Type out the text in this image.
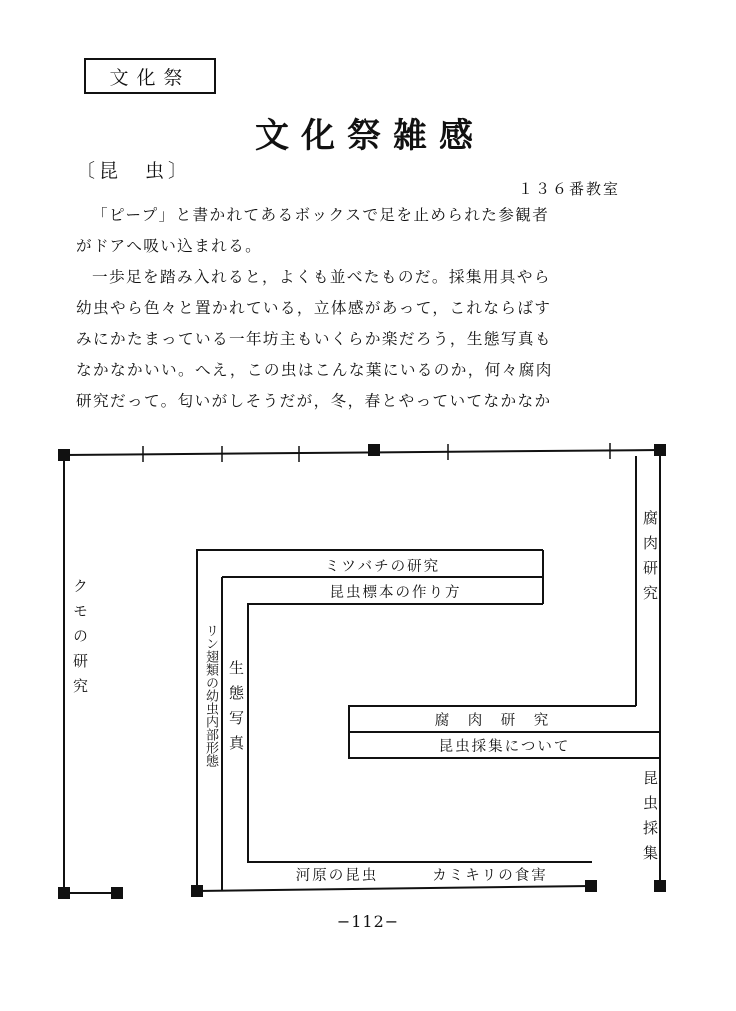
文化祭
文化祭雑感
〔昆　虫〕
１３６番教室
「ピープ」と書かれてあるボックスで足を止められた参観者
がドアへ吸い込まれる。
一歩足を踏み入れると，よくも並べたものだ。採集用具やら
幼虫やら色々と置かれている，立体感があって，これならばす
みにかたまっている一年坊主もいくらか楽だろう，生態写真も
なかなかいい。へえ，この虫はこんな葉にいるのか，何々腐肉
研究だって。匂いがしそうだが，冬，春とやっていてなかなか
ミツバチの研究
昆虫標本の作り方
腐　肉　研　究
昆虫採集について
河原の昆虫	カミキリの食害
クモの研究
腐肉研究
昆虫採集
リン翅類の幼虫内部形態 生態写真
−112−
